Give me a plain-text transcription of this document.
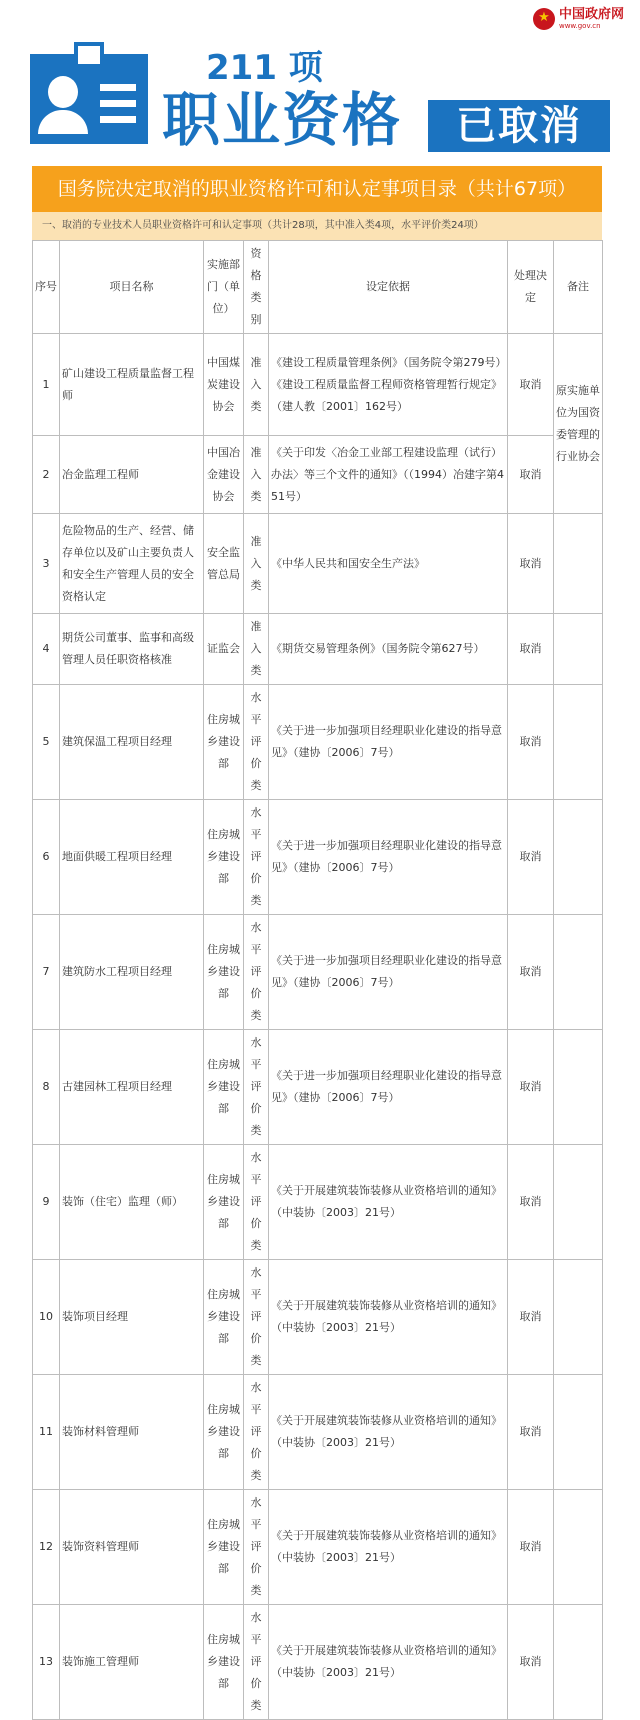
★
中国政府网
www.gov.cn
211 项
职业资格	已取消
国务院决定取消的职业资格许可和认定事项目录（共计67项）
一、取消的专业技术人员职业资格许可和认定事项（共计28项，其中准入类4项，水平评价类24项）
序号	项目名称	实施部门（单位）	资格类别	设定依据	处理决定	备注
1	矿山建设工程质量监督工程师	中国煤炭建设协会	准入类	《建设工程质量管理条例》（国务院令第279号）《建设工程质量监督工程师资格管理暂行规定》（建人教〔2001〕162号）	取消	原实施单位为国资委管理的行业协会
2	冶金监理工程师	中国冶金建设协会	准入类	《关于印发〈冶金工业部工程建设监理（试行）办法〉等三个文件的通知》（（1994）冶建字第451号）	取消	
3	危险物品的生产、经营、储存单位以及矿山主要负责人和安全生产管理人员的安全资格认定	安全监管总局	准入类	《中华人民共和国安全生产法》	取消	
4	期货公司董事、监事和高级管理人员任职资格核准	证监会	准入类	《期货交易管理条例》（国务院令第627号）	取消	
5	建筑保温工程项目经理	住房城乡建设部	水平评价类	《关于进一步加强项目经理职业化建设的指导意见》（建协〔2006〕7号）	取消	
6	地面供暖工程项目经理	住房城乡建设部	水平评价类	《关于进一步加强项目经理职业化建设的指导意见》（建协〔2006〕7号）	取消	
7	建筑防水工程项目经理	住房城乡建设部	水平评价类	《关于进一步加强项目经理职业化建设的指导意见》（建协〔2006〕7号）	取消	
8	古建园林工程项目经理	住房城乡建设部	水平评价类	《关于进一步加强项目经理职业化建设的指导意见》（建协〔2006〕7号）	取消	
9	装饰（住宅）监理（师）	住房城乡建设部	水平评价类	《关于开展建筑装饰装修从业资格培训的通知》（中装协〔2003〕21号）	取消	
10	装饰项目经理	住房城乡建设部	水平评价类	《关于开展建筑装饰装修从业资格培训的通知》（中装协〔2003〕21号）	取消	
11	装饰材料管理师	住房城乡建设部	水平评价类	《关于开展建筑装饰装修从业资格培训的通知》（中装协〔2003〕21号）	取消	
12	装饰资料管理师	住房城乡建设部	水平评价类	《关于开展建筑装饰装修从业资格培训的通知》（中装协〔2003〕21号）	取消	
13	装饰施工管理师	住房城乡建设部	水平评价类	《关于开展建筑装饰装修从业资格培训的通知》（中装协〔2003〕21号）	取消	
